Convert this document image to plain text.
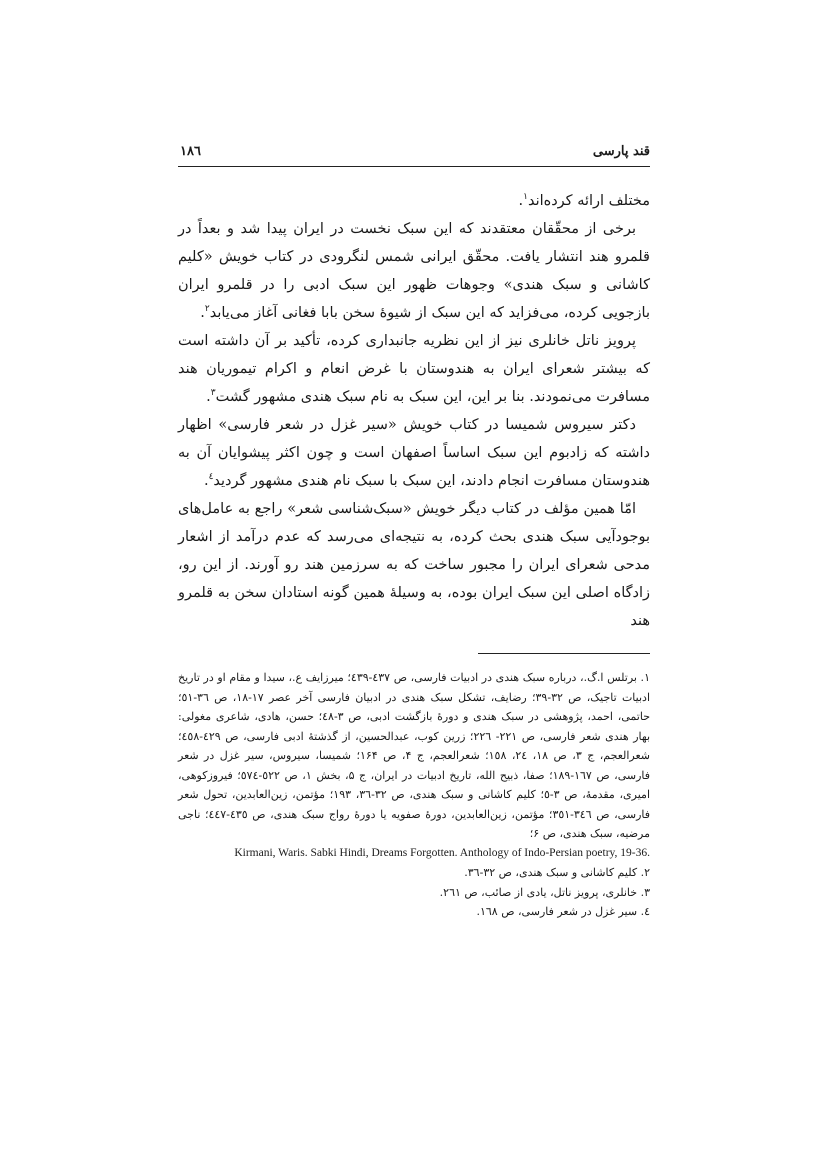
قند پارسی
١٨٦

مختلف ارائه کرده‌اند$^١$.

برخی از محقّقان معتقدند که این سبک نخست در ایران پیدا شد و بعداً در قلمرو هند انتشار یافت. محقّق ایرانی شمس لنگرودی در کتاب خویش «کلیم کاشانی و سبک هندی» وجوهات ظهور این سبک ادبی را در قلمرو ایران بازجویی کرده، می‌فزاید که این سبک از شیوهٔ سخن بابا فغانی آغاز می‌یابد$^٢$.

پرویز ناتل خانلری نیز از این نظریه جانبداری کرده، تأکید بر آن داشته است که بیشتر شعرای ایران به هندوستان با غرض انعام و اکرام تیموریان هند مسافرت می‌نمودند. بنا بر این، این سبک به نام سبک هندی مشهور گشت$^٣$.

دکتر سیروس شمیسا در کتاب خویش «سیر غزل در شعر فارسی» اظهار داشته که زادبوم این سبک اساساً اصفهان است و چون اکثر پیشوایان آن به هندوستان مسافرت انجام دادند، این سبک با سبک نام هندی مشهور گردید$^٤$.

امّا همین مؤلف در کتاب دیگر خویش «سبک‌شناسی شعر» راجع به عامل‌های بوجودآیی سبک هندی بحث کرده، به نتیجه‌ای می‌رسد که عدم درآمد از اشعار مدحی شعرای ایران را مجبور ساخت که به سرزمین هند رو آورند. از این رو، زادگاه اصلی این سبک ایران بوده، به وسیلهٔ همین گونه استادان سخن به قلمرو هند

١. برتلس ا.گ.، درباره سبک هندی در ادبیات فارسی، ص ٤٣٧-٤٣٩؛ میرزایف ع.، سیدا و مقام او در تاریخ ادبیات تاجیک، ص ٣٢-٣٩؛ رضایف، تشکل سبک هندی در ادبیان فارسی آخر عصر ١٧-١٨، ص ٣٦-٥١؛ حاتمی، احمد، پژوهشی در سبک هندی و دورهٔ بازگشت ادبی، ص ٣-٤٨؛ حسن، هادی، شاعری مغولی: بهار هندی شعر فارسی، ص ٢٢١- ٢٢٦؛ زرین کوب، عبدالحسین، از گذشتهٔ ادبی فارسی، ص ٤٢٩-٤٥٨؛ شعرالعجم، ج ٣، ص ١٨، ٢٤، ١٥٨؛ شعرالعجم، ج ۴، ص ١۶۴؛ شمیسا، سیروس، سیر غزل در شعر فارسی، ص ١٦٧-١٨٩؛ صفا، ذبیح الله، تاریخ ادبیات در ایران، ج ۵، بخش ١، ص ٥٢٢-٥٧٤؛ فیروزکوهی، امیری، مقدمهٔ، ص ٣-٥؛ کلیم کاشانی و سبک هندی، ص ٣٢-٣٦، ١٩٣؛ مؤتمن، زین‌العابدین، تحول شعر فارسی، ص ٣٤٦-٣٥١؛ مؤتمن، زین‌العابدین، دورهٔ صفویه یا دورهٔ رواج سبک هندی، ص ٤٣٥-٤٤٧؛ ناجی مرضیه، سبک هندی، ص ۶؛

Kirmani, Waris. Sabki Hindi, Dreams Forgotten. Anthology of Indo-Persian poetry, 19-36.

٢. کلیم کاشانی و سبک هندی، ص ٣٢-٣٦.

٣. خانلری، پرویز ناتل، یادی از صائب، ص ٢٦١.

٤. سیر غزل در شعر فارسی، ص ١٦٨.
